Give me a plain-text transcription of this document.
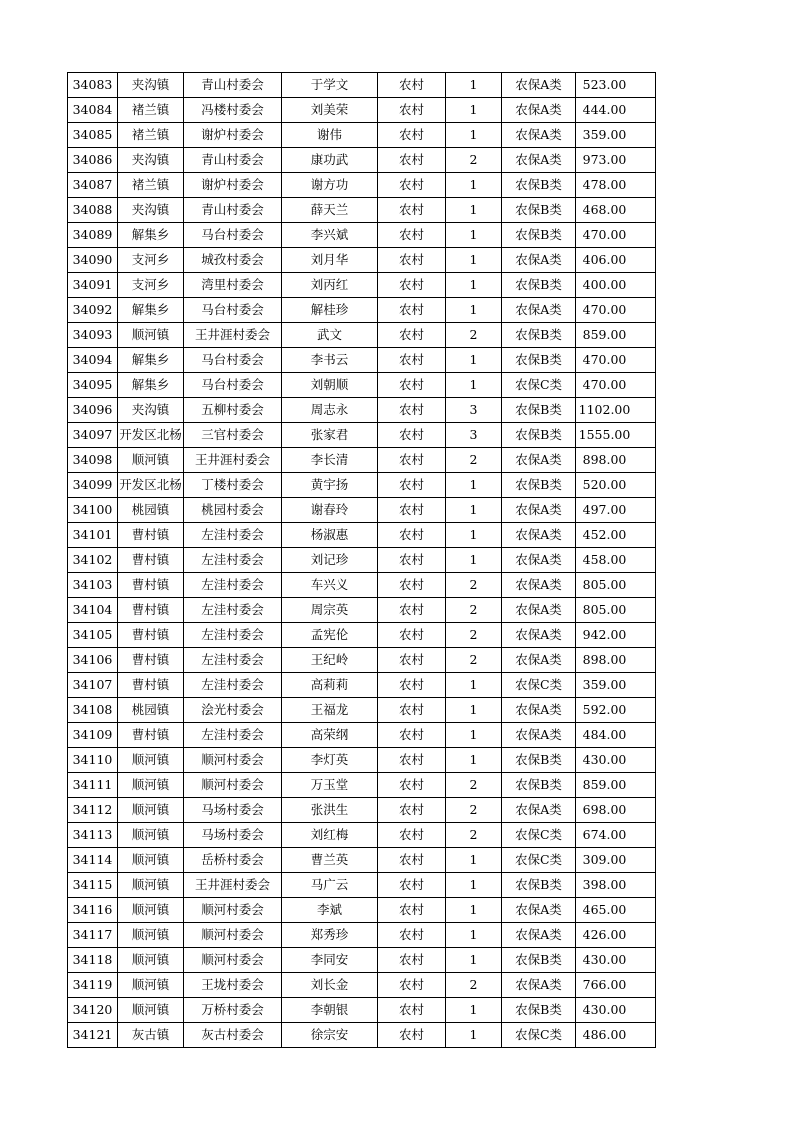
34083	夹沟镇	青山村委会	于学文	农村	1	农保A类	523.00
34084	褚兰镇	冯楼村委会	刘美荣	农村	1	农保A类	444.00
34085	褚兰镇	谢炉村委会	谢伟	农村	1	农保A类	359.00
34086	夹沟镇	青山村委会	康功武	农村	2	农保A类	973.00
34087	褚兰镇	谢炉村委会	谢方功	农村	1	农保B类	478.00
34088	夹沟镇	青山村委会	薛天兰	农村	1	农保B类	468.00
34089	解集乡	马台村委会	李兴斌	农村	1	农保B类	470.00
34090	支河乡	城孜村委会	刘月华	农村	1	农保A类	406.00
34091	支河乡	湾里村委会	刘丙红	农村	1	农保B类	400.00
34092	解集乡	马台村委会	解桂珍	农村	1	农保A类	470.00
34093	顺河镇	王井涯村委会	武文	农村	2	农保B类	859.00
34094	解集乡	马台村委会	李书云	农村	1	农保B类	470.00
34095	解集乡	马台村委会	刘朝顺	农村	1	农保C类	470.00
34096	夹沟镇	五柳村委会	周志永	农村	3	农保B类	1102.00
34097	开发区北杨	三官村委会	张家君	农村	3	农保B类	1555.00
34098	顺河镇	王井涯村委会	李长清	农村	2	农保A类	898.00
34099	开发区北杨	丁楼村委会	黄宇扬	农村	1	农保B类	520.00
34100	桃园镇	桃园村委会	谢春玲	农村	1	农保A类	497.00
34101	曹村镇	左洼村委会	杨淑惠	农村	1	农保A类	452.00
34102	曹村镇	左洼村委会	刘记珍	农村	1	农保A类	458.00
34103	曹村镇	左洼村委会	车兴义	农村	2	农保A类	805.00
34104	曹村镇	左洼村委会	周宗英	农村	2	农保A类	805.00
34105	曹村镇	左洼村委会	孟宪伦	农村	2	农保A类	942.00
34106	曹村镇	左洼村委会	王纪岭	农村	2	农保A类	898.00
34107	曹村镇	左洼村委会	高莉莉	农村	1	农保C类	359.00
34108	桃园镇	浍光村委会	王福龙	农村	1	农保A类	592.00
34109	曹村镇	左洼村委会	高荣纲	农村	1	农保A类	484.00
34110	顺河镇	顺河村委会	李灯英	农村	1	农保B类	430.00
34111	顺河镇	顺河村委会	万玉堂	农村	2	农保B类	859.00
34112	顺河镇	马场村委会	张洪生	农村	2	农保A类	698.00
34113	顺河镇	马场村委会	刘红梅	农村	2	农保C类	674.00
34114	顺河镇	岳桥村委会	曹兰英	农村	1	农保C类	309.00
34115	顺河镇	王井涯村委会	马广云	农村	1	农保B类	398.00
34116	顺河镇	顺河村委会	李斌	农村	1	农保A类	465.00
34117	顺河镇	顺河村委会	郑秀珍	农村	1	农保A类	426.00
34118	顺河镇	顺河村委会	李同安	农村	1	农保B类	430.00
34119	顺河镇	王垅村委会	刘长金	农村	2	农保A类	766.00
34120	顺河镇	万桥村委会	李朝银	农村	1	农保B类	430.00
34121	灰古镇	灰古村委会	徐宗安	农村	1	农保C类	486.00
